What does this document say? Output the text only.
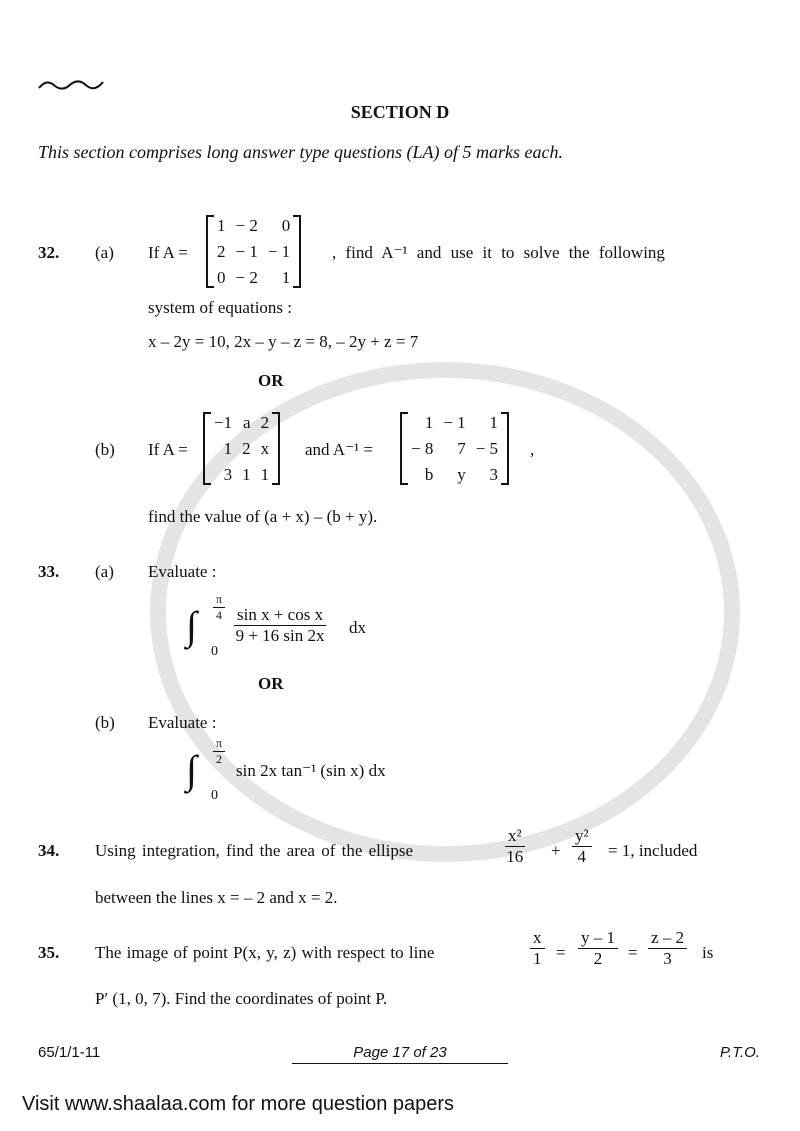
SECTION D
This section comprises long answer type questions (LA) of 5 marks each.
32. (a) If A =
1 − 2	0
2 − 1 − 1
0 − 2	1
, find A⁻¹ and use it to solve the following
system of equations :
x – 2y = 10, 2x – y – z = 8, – 2y + z = 7
OR
(b) If A =
−1 a 2
1 2 x
3 1 1
and A⁻¹ =
1 − 1	1
− 8	7 − 5
b	y	3
,
find the value of (a + x) – (b + y).
33. (a) Evaluate :
∫ $\frac{\pi}{4}$
0
$\frac{\text{sin x + cos x}}{9 + 16 \sin 2x}$ dx
OR
(b) Evaluate :
∫ $\frac{\pi}{2}$
0
sin 2x tan⁻¹ (sin x) dx
34. Using integration, find the area of the ellipse	$\frac{\text{x²}}{16} + \frac{\text{y²}}{4} = 1$, included
between the lines x = – 2 and x = 2.
35. The image of point P(x, y, z) with respect to line	$\frac{x}{1} = \frac{y - 1}{2} = \frac{z - 2}{3}$ is
P′ (1, 0, 7). Find the coordinates of point P.
65/1/1-11	Page 17 of 23	P.T.O.
Visit www.shaalaa.com for more question papers
